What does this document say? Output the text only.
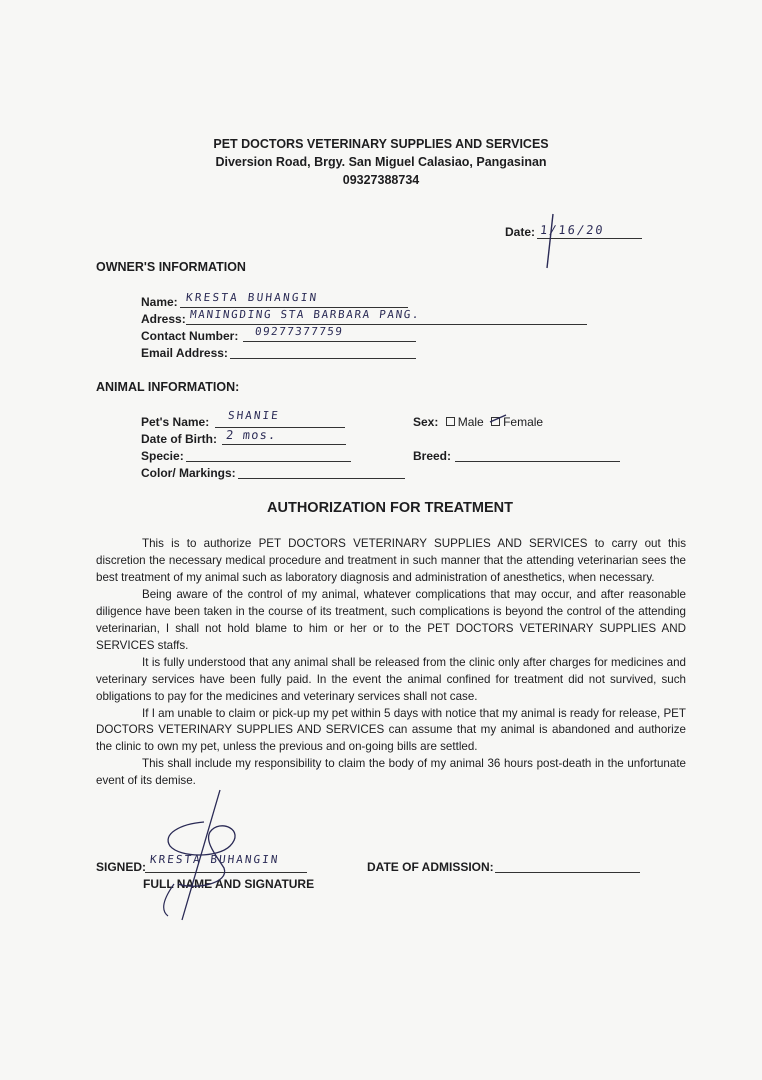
PET DOCTORS VETERINARY SUPPLIES AND SERVICES
Diversion Road, Brgy. San Miguel Calasiao, Pangasinan
09327388734
Date: 1/16/20
OWNER'S INFORMATION
Name: KRESTA BUHANGIN
Adress: MANINGDING STA BARBARA PANG.
Contact Number: 09277377759
Email Address:
ANIMAL INFORMATION:
Pet's Name: SHANIE
Date of Birth: 2 mos.
Specie:
Color/ Markings:
Sex: Male Female
Breed:
AUTHORIZATION FOR TREATMENT

This is to authorize PET DOCTORS VETERINARY SUPPLIES AND SERVICES to carry out this discretion the necessary medical procedure and treatment in such manner that the attending veterinarian sees the best treatment of my animal such as laboratory diagnosis and administration of anesthetics, when necessary.

Being aware of the control of my animal, whatever complications that may occur, and after reasonable diligence have been taken in the course of its treatment, such complications is beyond the control of the attending veterinarian, I shall not hold blame to him or her or to the PET DOCTORS VETERINARY SUPPLIES AND SERVICES staffs.

It is fully understood that any animal shall be released from the clinic only after charges for medicines and veterinary services have been fully paid. In the event the animal confined for treatment did not survived, such obligations to pay for the medicines and veterinary services shall not case.

If I am unable to claim or pick-up my pet within 5 days with notice that my animal is ready for release, PET DOCTORS VETERINARY SUPPLIES AND SERVICES can assume that my animal is abandoned and authorize the clinic to own my pet, unless the previous and on-going bills are settled.

This shall include my responsibility to claim the body of my animal 36 hours post-death in the unfortunate event of its demise.

SIGNED:
KRESTA BUHANGIN
FULL NAME AND SIGNATURE
DATE OF ADMISSION:
